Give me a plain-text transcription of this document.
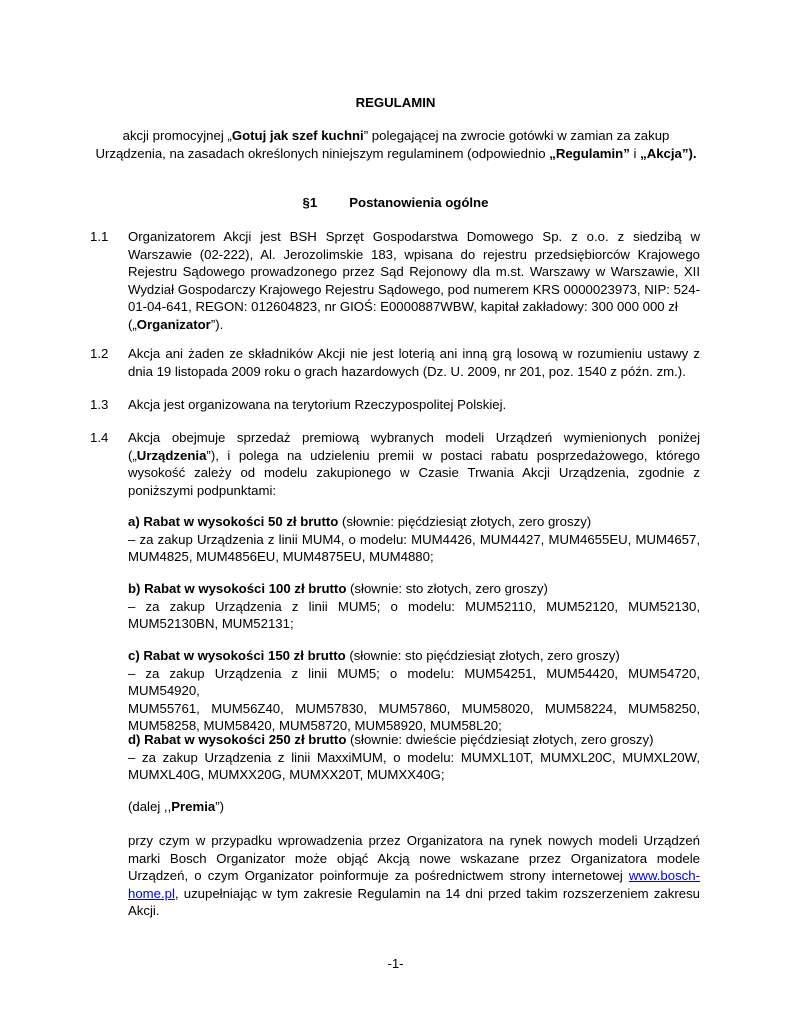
REGULAMIN
akcji promocyjnej „Gotuj jak szef kuchni” polegającej na zwrocie gotówki w zamian za zakup
Urządzenia, na zasadach określonych niniejszym regulaminem (odpowiednio „Regulamin” i „Akcja”).
§1 Postanowienia ogólne
1.1 Organizatorem Akcji jest BSH Sprzęt Gospodarstwa Domowego Sp. z o.o. z siedzibą w Warszawie (02-222), Al. Jerozolimskie 183, wpisana do rejestru przedsiębiorców Krajowego Rejestru Sądowego prowadzonego przez Sąd Rejonowy dla m.st. Warszawy w Warszawie, XII Wydział Gospodarczy Krajowego Rejestru Sądowego, pod numerem KRS 0000023973, NIP: 524-01-04-641, REGON: 012604823, nr GIOŚ: E0000887WBW, kapitał zakładowy: 300 000 000 zł
(„Organizator”).
1.2 Akcja ani żaden ze składników Akcji nie jest loterią ani inną grą losową w rozumieniu ustawy z dnia 19 listopada 2009 roku o grach hazardowych (Dz. U. 2009, nr 201, poz. 1540 z późn. zm.).
1.3 Akcja jest organizowana na terytorium Rzeczypospolitej Polskiej.
1.4 Akcja obejmuje sprzedaż premiową wybranych modeli Urządzeń wymienionych poniżej
(„Urządzenia”), i polega na udzieleniu premii w postaci rabatu posprzedażowego, którego wysokość zależy od modelu zakupionego w Czasie Trwania Akcji Urządzenia, zgodnie z poniższymi podpunktami:
a) Rabat w wysokości 50 zł brutto (słownie: pięćdziesiąt złotych, zero groszy)
– za zakup Urządzenia z linii MUM4, o modelu: MUM4426, MUM4427, MUM4655EU, MUM4657,
MUM4825, MUM4856EU, MUM4875EU, MUM4880;
b) Rabat w wysokości 100 zł brutto (słownie: sto złotych, zero groszy)
– za zakup Urządzenia z linii MUM5; o modelu: MUM52110, MUM52120, MUM52130,
MUM52130BN, MUM52131;
c) Rabat w wysokości 150 zł brutto (słownie: sto pięćdziesiąt złotych, zero groszy)
– za zakup Urządzenia z linii MUM5; o modelu: MUM54251, MUM54420, MUM54720, MUM54920,
MUM55761, MUM56Z40, MUM57830, MUM57860, MUM58020, MUM58224, MUM58250,
MUM58258, MUM58420, MUM58720, MUM58920, MUM58L20;
d) Rabat w wysokości 250 zł brutto (słownie: dwieście pięćdziesiąt złotych, zero groszy)
– za zakup Urządzenia z linii MaxxiMUM, o modelu: MUMXL10T, MUMXL20C, MUMXL20W,
MUMXL40G, MUMXX20G, MUMXX20T, MUMXX40G;
(dalej ,,Premia”)
przy czym w przypadku wprowadzenia przez Organizatora na rynek nowych modeli Urządzeń marki Bosch Organizator może objąć Akcją nowe wskazane przez Organizatora modele Urządzeń, o czym Organizator poinformuje za pośrednictwem strony internetowej www.bosch-home.pl, uzupełniając w tym zakresie Regulamin na 14 dni przed takim rozszerzeniem zakresu Akcji.
-1-
